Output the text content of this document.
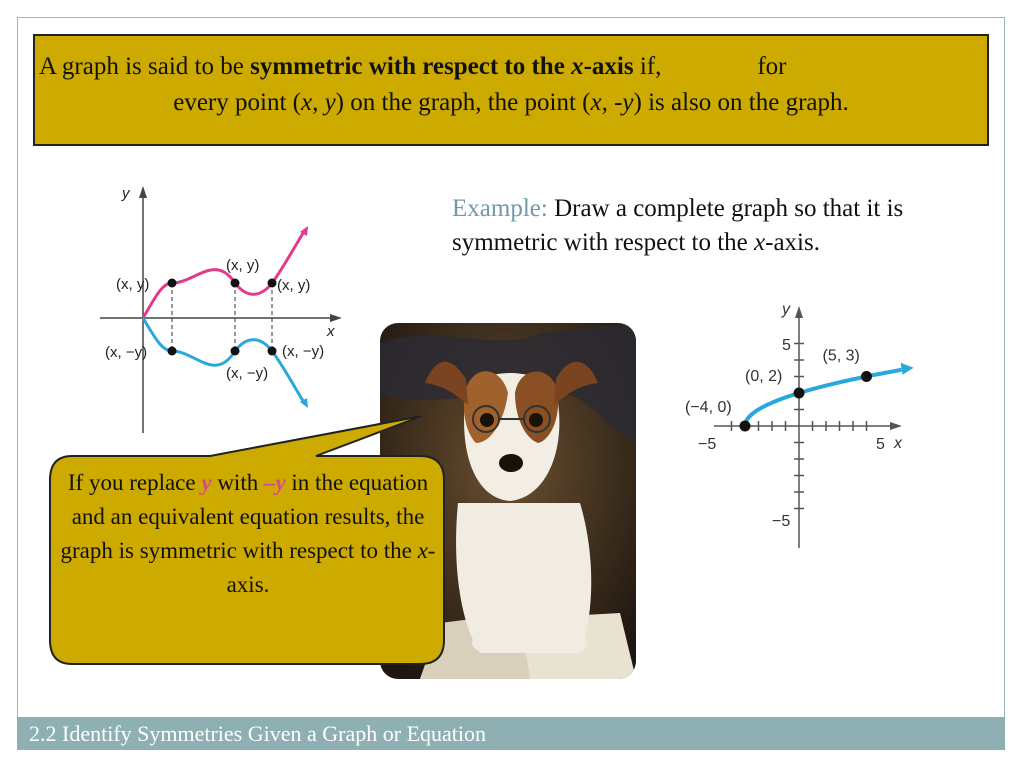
A graph is said to be symmetric with respect to the x-axis if,	for
every point (x, y) on the graph, the point (x, -y) is also on the graph.
Example: Draw a complete graph so that it is symmetric with respect to the x-axis.
y
x
(x, y)
(x, y)
(x, y)
(x, −y)
(x, −y)
(x, −y)
y
x
5
−5
−5	5
(−4, 0)
(0, 2)
(5, 3)
If you replace y with –y in the equation and an equivalent equation results, the graph is symmetric with respect to the x-axis.
2.2 Identify Symmetries Given a Graph or Equation
